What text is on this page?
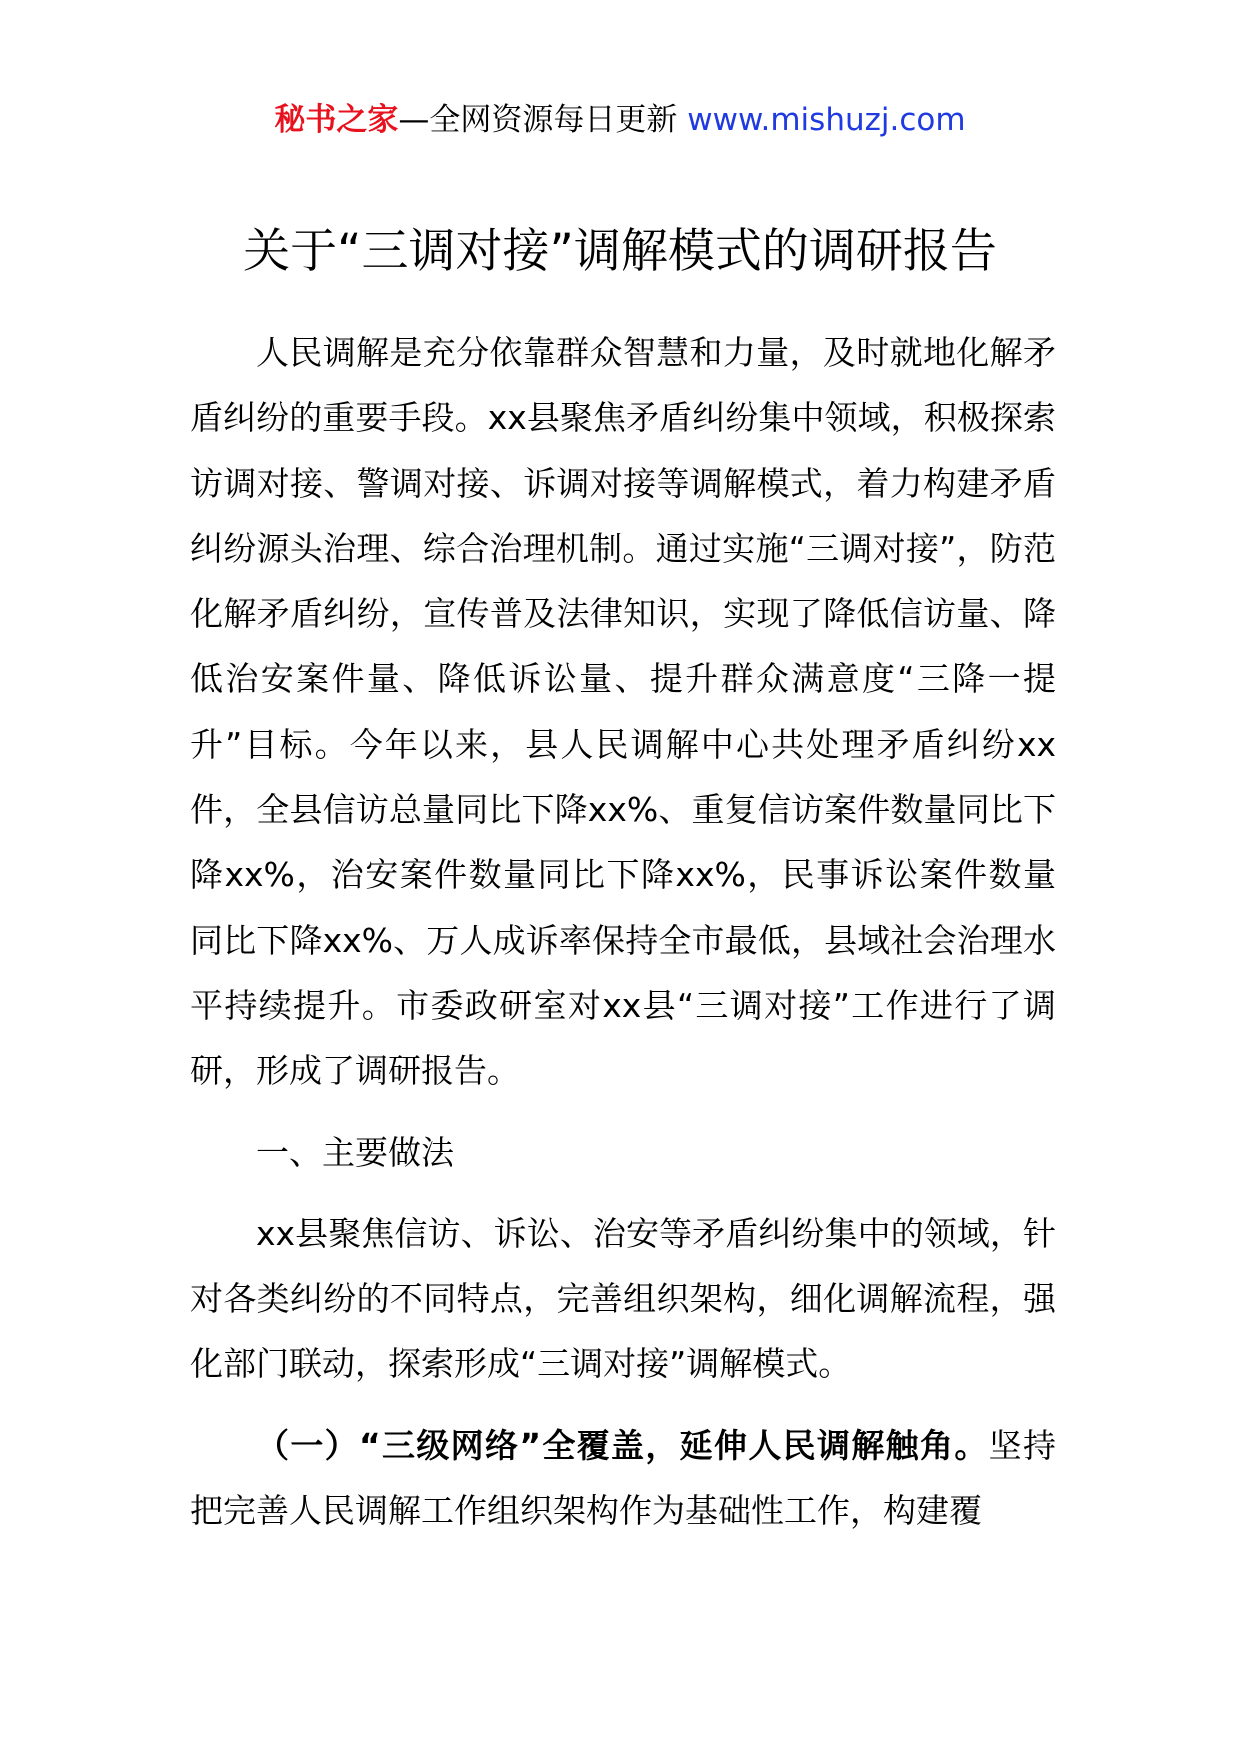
秘书之家—全网资源每日更新 www.mishuzj.com
关于“三调对接”调解模式的调研报告

人民调解是充分依靠群众智慧和力量，及时就地化解矛盾纠纷的重要手段。xx县聚焦矛盾纠纷集中领域，积极探索访调对接、警调对接、诉调对接等调解模式，着力构建矛盾纠纷源头治理、综合治理机制。通过实施“三调对接”，防范化解矛盾纠纷，宣传普及法律知识，实现了降低信访量、降低治安案件量、降低诉讼量、提升群众满意度“三降一提升”目标。今年以来，县人民调解中心共处理矛盾纠纷xx件，全县信访总量同比下降xx%、重复信访案件数量同比下降xx%，治安案件数量同比下降xx%，民事诉讼案件数量同比下降xx%、万人成诉率保持全市最低，县域社会治理水平持续提升。市委政研室对xx县“三调对接”工作进行了调研，形成了调研报告。

一、主要做法

xx县聚焦信访、诉讼、治安等矛盾纠纷集中的领域，针对各类纠纷的不同特点，完善组织架构，细化调解流程，强化部门联动，探索形成“三调对接”调解模式。

（一）“三级网络”全覆盖，延伸人民调解触角。坚持把完善人民调解工作组织架构作为基础性工作，构建覆
